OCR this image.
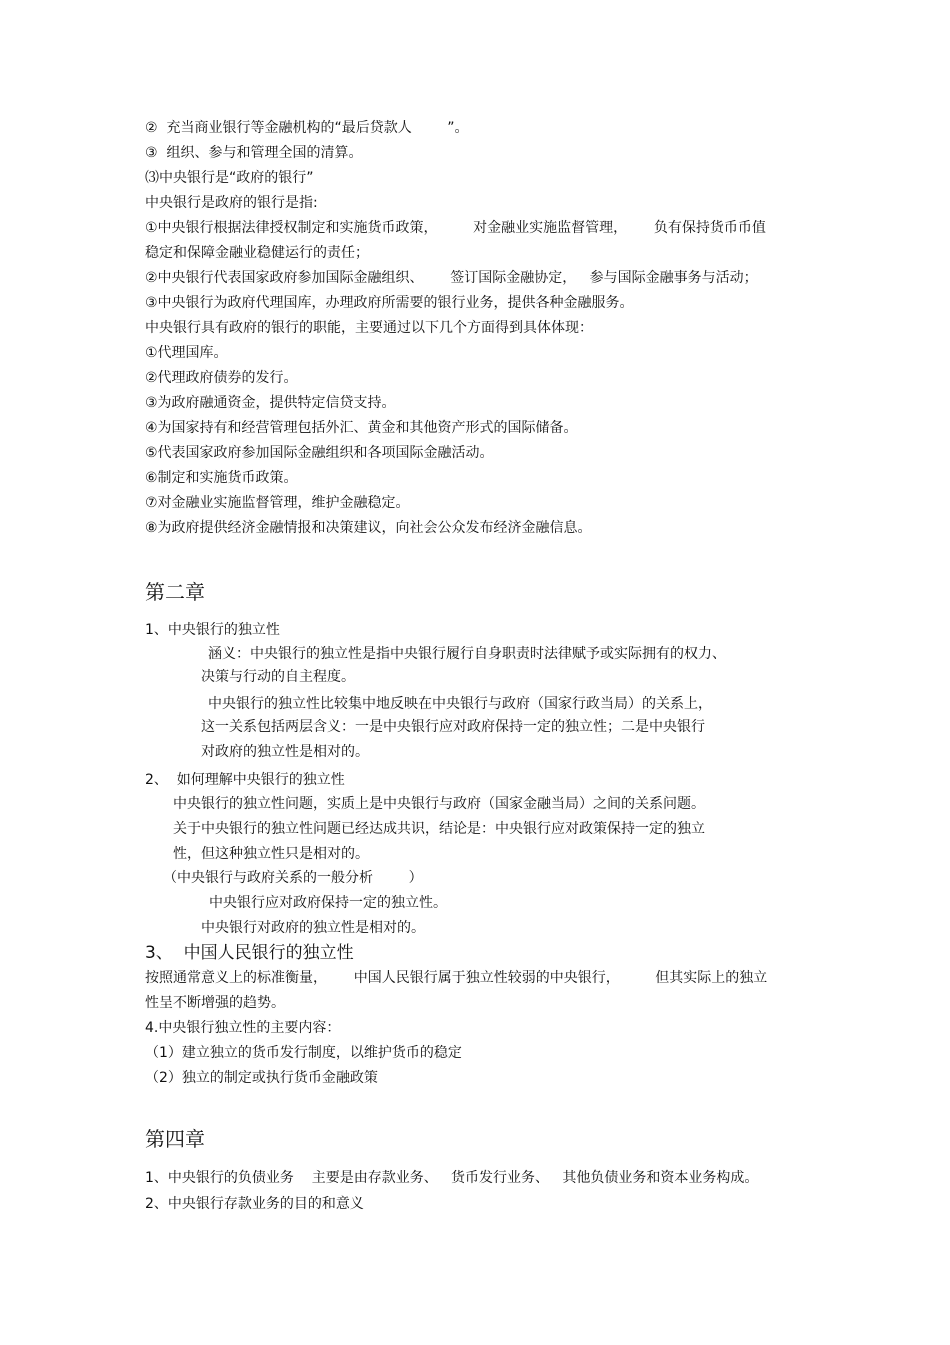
②  充当商业银行等金融机构的“最后贷款人        ”。
③  组织、参与和管理全国的清算。
⑶中央银行是“政府的银行”
中央银行是政府的银行是指:
①中央银行根据法律授权制定和实施货币政策，        对金融业实施监督管理，      负有保持货币币值
稳定和保障金融业稳健运行的责任；
②中央银行代表国家政府参加国际金融组织、      签订国际金融协定，   参与国际金融事务与活动；
③中央银行为政府代理国库，办理政府所需要的银行业务，提供各种金融服务。
中央银行具有政府的银行的职能，主要通过以下几个方面得到具体体现：
①代理国库。
②代理政府债券的发行。
③为政府融通资金，提供特定信贷支持。
④为国家持有和经营管理包括外汇、黄金和其他资产形式的国际储备。
⑤代表国家政府参加国际金融组织和各项国际金融活动。
⑥制定和实施货币政策。
⑦对金融业实施监督管理，维护金融稳定。
⑧为政府提供经济金融情报和决策建议，向社会公众发布经济金融信息。
第二章
1、中央银行的独立性
涵义：中央银行的独立性是指中央银行履行自身职责时法律赋予或实际拥有的权力、
决策与行动的自主程度。
中央银行的独立性比较集中地反映在中央银行与政府（国家行政当局）的关系上，
这一关系包括两层含义：一是中央银行应对政府保持一定的独立性；二是中央银行
对政府的独立性是相对的。
2、  如何理解中央银行的独立性
中央银行的独立性问题，实质上是中央银行与政府（国家金融当局）之间的关系问题。
关于中央银行的独立性问题已经达成共识，结论是：中央银行应对政策保持一定的独立
性，但这种独立性只是相对的。
（中央银行与政府关系的一般分析        ）
中央银行应对政府保持一定的独立性。
中央银行对政府的独立性是相对的。
3、  中国人民银行的独立性
按照通常意义上的标准衡量，      中国人民银行属于独立性较弱的中央银行，        但其实际上的独立
性呈不断增强的趋势。
4.中央银行独立性的主要内容：
（1）建立独立的货币发行制度，以维护货币的稳定
（2）独立的制定或执行货币金融政策
第四章
1、中央银行的负债业务    主要是由存款业务、   货币发行业务、   其他负债业务和资本业务构成。
2、中央银行存款业务的目的和意义
